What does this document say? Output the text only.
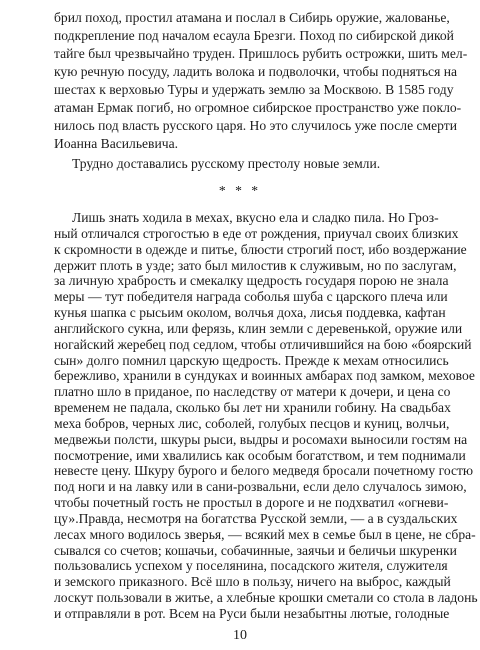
брил поход, простил атамана и послал в Сибирь оружие, жалованье,
подкрепление под началом есаула Брезги. Поход по сибирской дикой
тайге был чрезвычайно труден. Пришлось рубить острожки, шить мел-
кую речную посуду, ладить волока и подволочки, чтобы подняться на
шестах к верховью Туры и удержать землю за Москвою. В 1585 году
атаман Ермак погиб, но огромное сибирское пространство уже покло-
нилось под власть русского царя. Но это случилось уже после смерти
Иоанна Васильевича.
Трудно доставались русскому престолу новые земли.
* * *
Лишь знать ходила в мехах, вкусно ела и сладко пила. Но Гроз-
ный отличался строгостью в еде от рождения, приучал своих близких
к скромности в одежде и питье, блюсти строгий пост, ибо воздержание
держит плоть в узде; зато был милостив к служивым, но по заслугам,
за личную храбрость и смекалку щедрость государя порою не знала
меры — тут победителя награда соболья шуба с царского плеча или
кунья шапка с рысьим околом, волчья доха, лисья поддевка, кафтан
английского сукна, или ферязь, клин земли с деревенькой, оружие или
ногайский жеребец под седлом, чтобы отличившийся на бою «боярский
сын» долго помнил царскую щедрость. Прежде к мехам относились
бережливо, хранили в сундуках и воинных амбарах под замком, меховое
платно шло в приданое, по наследству от матери к дочери, и цена со
временем не падала, сколько бы лет ни хранили гобину. На свадьбах
меха бобров, черных лис, соболей, голубых песцов и куниц, волчьи,
медвежьи полсти, шкуры рыси, выдры и росомахи выносили гостям на
посмотрение, ими хвалились как особым богатством, и тем поднимали
невесте цену. Шкуру бурого и белого медведя бросали почетному гостю
под ноги и на лавку или в сани-розвальни, если дело случалось зимою,
чтобы почетный гость не простыл в дороге и не подхватил «огневи-
цу».Правда, несмотря на богатства Русской земли, — а в суздальских
лесах много водилось зверья, — всякий мех в семье был в цене, не сбра-
сывался со счетов; кошачьи, собачинные, заячьи и беличьи шкуренки
пользовались успехом у поселянина, посадского жителя, служителя
и земского приказного. Всё шло в пользу, ничего на выброс, каждый
лоскут пользовали в житье, а хлебные крошки сметали со стола в ладонь
и отправляли в рот. Всем на Руси были незабытны лютые, голодные
10
